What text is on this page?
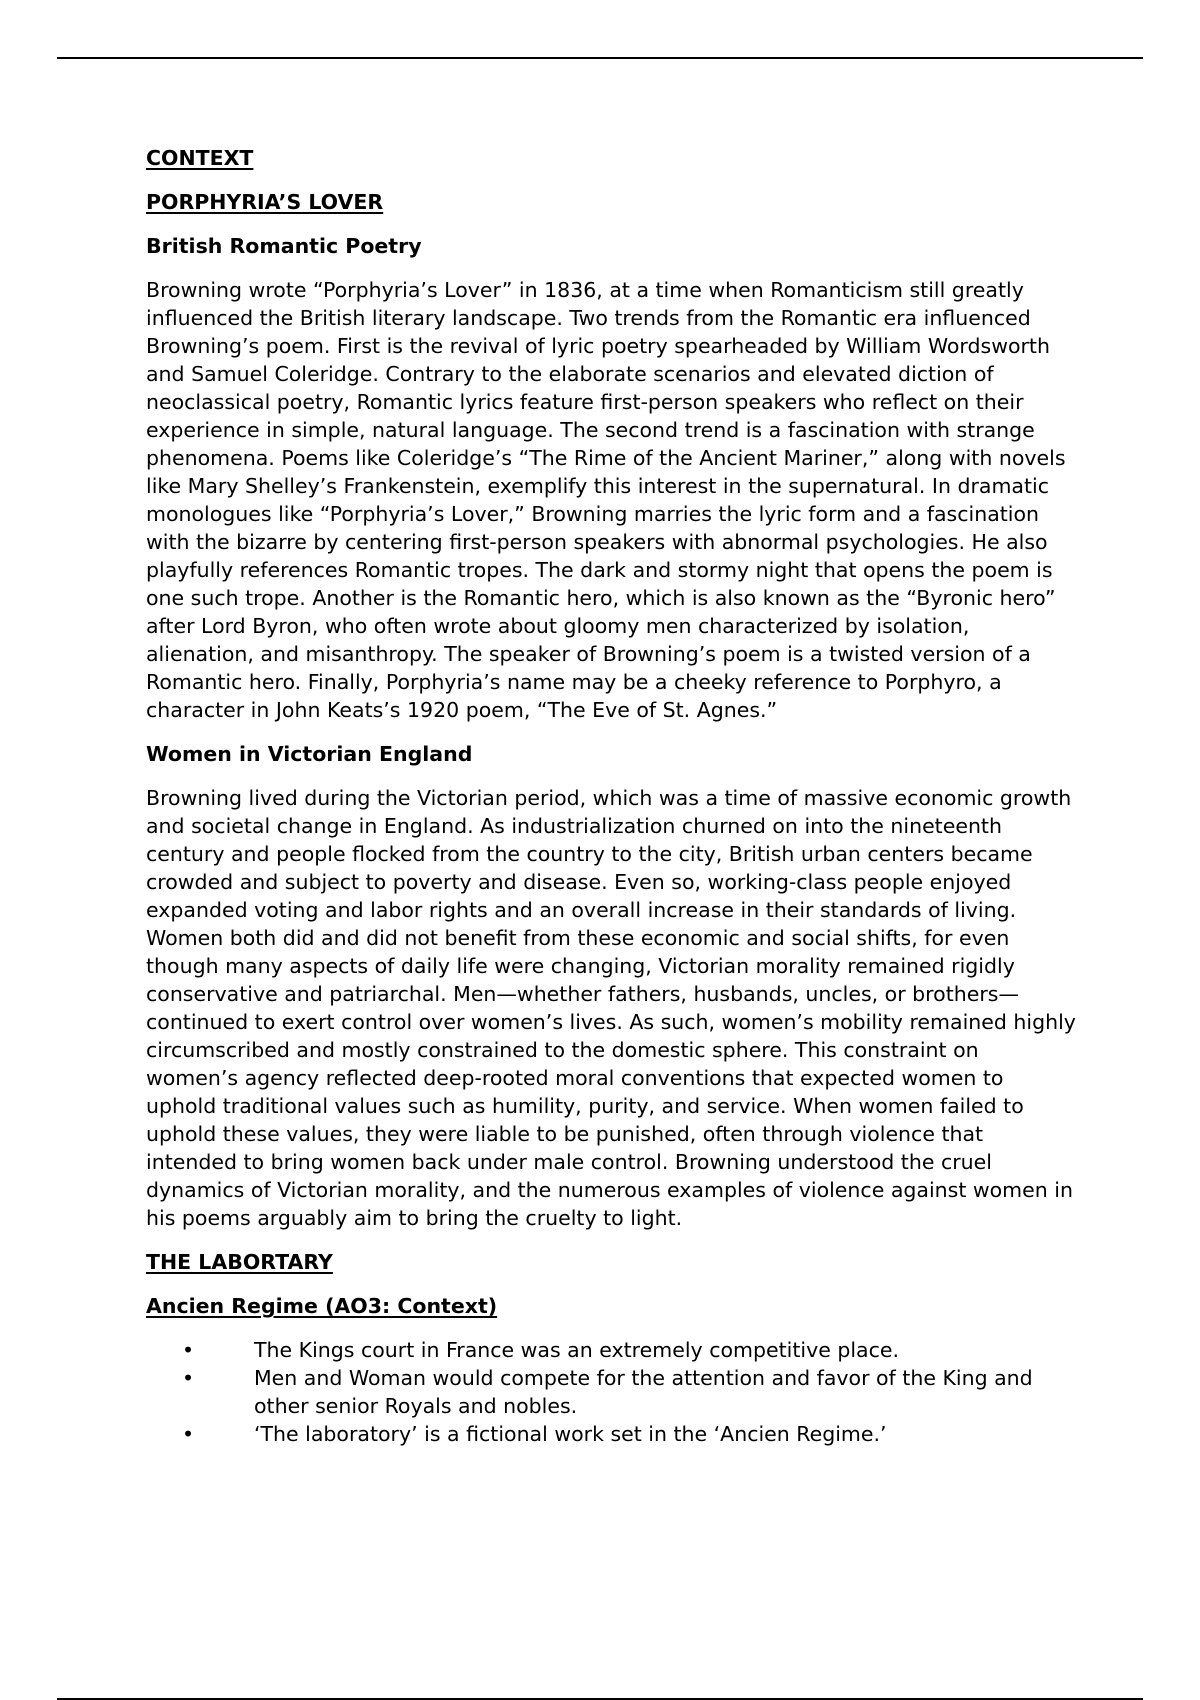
CONTEXT
PORPHYRIA’S LOVER
British Romantic Poetry

Browning wrote “Porphyria’s Lover” in 1836, at a time when Romanticism still greatly influenced the British literary landscape. Two trends from the Romantic era influenced Browning’s poem. First is the revival of lyric poetry spearheaded by William Wordsworth and Samuel Coleridge. Contrary to the elaborate scenarios and elevated diction of neoclassical poetry, Romantic lyrics feature first-person speakers who reflect on their experience in simple, natural language. The second trend is a fascination with strange phenomena. Poems like Coleridge’s “The Rime of the Ancient Mariner,” along with novels like Mary Shelley’s Frankenstein, exemplify this interest in the supernatural. In dramatic monologues like “Porphyria’s Lover,” Browning marries the lyric form and a fascination with the bizarre by centering first-person speakers with abnormal psychologies. He also playfully references Romantic tropes. The dark and stormy night that opens the poem is one such trope. Another is the Romantic hero, which is also known as the “Byronic hero” after Lord Byron, who often wrote about gloomy men characterized by isolation, alienation, and misanthropy. The speaker of Browning’s poem is a twisted version of a Romantic hero. Finally, Porphyria’s name may be a cheeky reference to Porphyro, a character in John Keats’s 1920 poem, “The Eve of St. Agnes.”

Women in Victorian England

Browning lived during the Victorian period, which was a time of massive economic growth and societal change in England. As industrialization churned on into the nineteenth century and people flocked from the country to the city, British urban centers became crowded and subject to poverty and disease. Even so, working-class people enjoyed expanded voting and labor rights and an overall increase in their standards of living. Women both did and did not benefit from these economic and social shifts, for even though many aspects of daily life were changing, Victorian morality remained rigidly conservative and patriarchal. Men—whether fathers, husbands, uncles, or brothers—continued to exert control over women’s lives. As such, women’s mobility remained highly circumscribed and mostly constrained to the domestic sphere. This constraint on women’s agency reflected deep-rooted moral conventions that expected women to uphold traditional values such as humility, purity, and service. When women failed to uphold these values, they were liable to be punished, often through violence that intended to bring women back under male control. Browning understood the cruel dynamics of Victorian morality, and the numerous examples of violence against women in his poems arguably aim to bring the cruelty to light.

THE LABORTARY
Ancien Regime (AO3: Context)
•	The Kings court in France was an extremely competitive place.
•	Men and Woman would compete for the attention and favor of the King and other senior Royals and nobles.
•	‘The laboratory’ is a fictional work set in the ‘Ancien Regime.’
